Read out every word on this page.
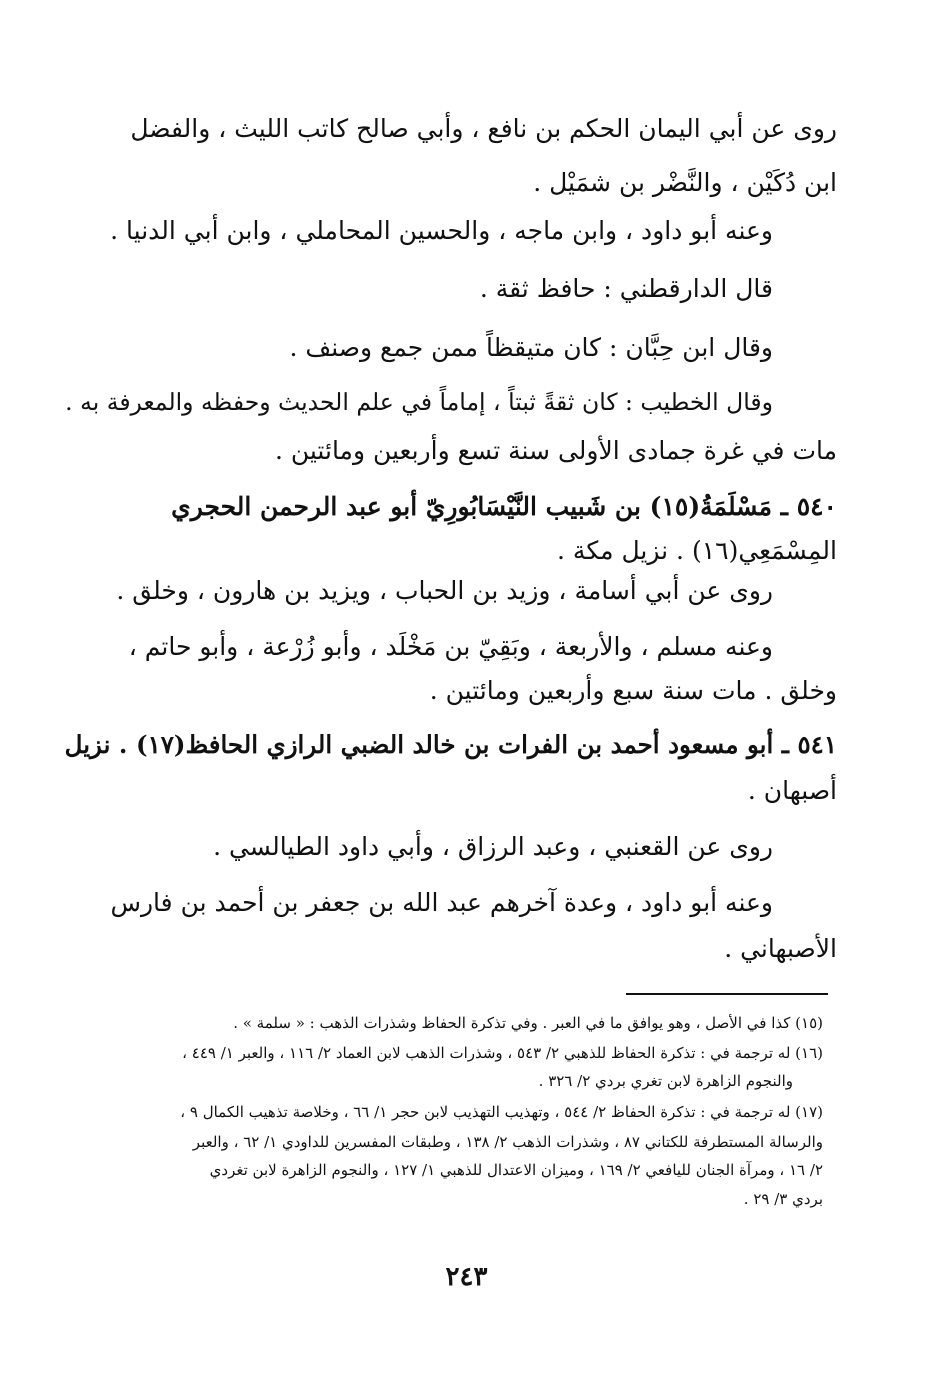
روى عن أبي اليمان الحكم بن نافع ، وأبي صالح كاتب الليث ، والفضل
ابن دُكَيْن ، والنَّضْر بن شمَيْل .
وعنه أبو داود ، وابن ماجه ، والحسين المحاملي ، وابن أبي الدنيا .
قال الدارقطني : حافظ ثقة .
وقال ابن حِبَّان : كان متيقظاً ممن جمع وصنف .
وقال الخطيب : كان ثقةً ثبتاً ، إماماً في علم الحديث وحفظه والمعرفة به .
مات في غرة جمادى الأولى سنة تسع وأربعين ومائتين .
٥٤٠ ـ مَسْلَمَةُ(١٥) بن شَبيب النَّيْسَابُورِيّ أبو عبد الرحمن الحجري
المِسْمَعِي(١٦) . نزيل مكة .
روى عن أبي أسامة ، وزيد بن الحباب ، ويزيد بن هارون ، وخلق .
وعنه مسلم ، والأربعة ، وبَقِيّ بن مَخْلَد ، وأبو زُرْعة ، وأبو حاتم ،
وخلق . مات سنة سبع وأربعين ومائتين .
٥٤١ ـ أبو مسعود أحمد بن الفرات بن خالد الضبي الرازي الحافظ(١٧) . نزيل
أصبهان .
روى عن القعنبي ، وعبد الرزاق ، وأبي داود الطيالسي .
وعنه أبو داود ، وعدة آخرهم عبد الله بن جعفر بن أحمد بن فارس
الأصبهاني .
(١٥) كذا في الأصل ، وهو يوافق ما في العبر . وفي تذكرة الحفاظ وشذرات الذهب : « سلمة » .
(١٦) له ترجمة في : تذكرة الحفاظ للذهبي ٢/ ٥٤٣ ، وشذرات الذهب لابن العماد ٢/ ١١٦ ، والعبر ١/ ٤٤٩ ،
والنجوم الزاهرة لابن تغري بردي ٢/ ٣٢٦ .
(١٧) له ترجمة في : تذكرة الحفاظ ٢/ ٥٤٤ ، وتهذيب التهذيب لابن حجر ١/ ٦٦ ، وخلاصة تذهيب الكمال ٩ ،
والرسالة المستطرفة للكتاني ٨٧ ، وشذرات الذهب ٢/ ١٣٨ ، وطبقات المفسرين للداودي ١/ ٦٢ ، والعبر
٢/ ١٦ ، ومرآة الجنان لليافعي ٢/ ١٦٩ ، وميزان الاعتدال للذهبي ١/ ١٢٧ ، والنجوم الزاهرة لابن تغردي
بردي ٣/ ٢٩ .
٢٤٣
